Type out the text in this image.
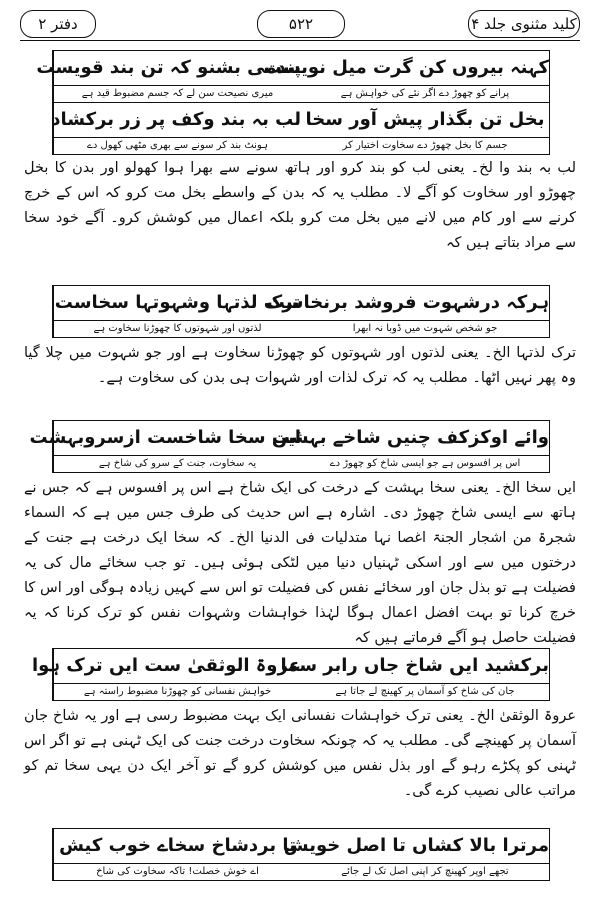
کلید مثنوی جلد ۴
۵۲۲
دفتر ۲
پندمی بشنو کہ تن بند قویست
میری نصیحت سن لے کہ جسم مضبوط قید ہے
کہنہ بیروں کن گرت میل نویست
پرانے کو چھوڑ دے اگر نئے کی خواہش ہے
لب بہ بند وکف پر زر برکشاد
ہونٹ بند کر سونے سے بھری مٹھی کھول دے
بخل تن بگذار پیش آور سخا
جسم کا بخل چھوڑ دے سخاوت اختیار کر

لب بہ بند وا لخ۔ یعنی لب کو بند کرو اور ہاتھ سونے سے بھرا ہوا کھولو اور بدن کا بخل چھوڑو اور سخاوت کو آگے لا۔ مطلب یہ کہ بدن کے واسطے بخل مت کرو کہ اس کے خرچ کرنے سے اور کام میں لانے میں بخل مت کرو بلکہ اعمال میں کوشش کرو۔ آگے خود سخا سے مراد بتاتے ہیں کہ

ترک لذتہا وشہوتہا سخاست
لذتوں اور شہوتوں کا چھوڑنا سخاوت ہے
ہرکہ درشہوت فروشد برنخاست
جو شخص شہوت میں ڈوبا نہ ابھرا

ترک لذتہا الخ۔ یعنی لذتوں اور شہوتوں کو چھوڑنا سخاوت ہے اور جو شہوت میں چلا گیا وہ پھر نہیں اٹھا۔ مطلب یہ کہ ترک لذات اور شہوات ہی بدن کی سخاوت ہے۔

ایں سخا شاخست ازسروبہشت
یہ سخاوت، جنت کے سرو کی شاخ ہے
وائے اوکزکف چنیں شاخے بہشت
اس پر افسوس ہے جو ایسی شاخ کو چھوڑ دے

ایں سخا الخ۔ یعنی سخا بہشت کے درخت کی ایک شاخ ہے اس پر افسوس ہے کہ جس نے ہاتھ سے ایسی شاخ چھوڑ دی۔ اشارہ ہے اس حدیث کی طرف جس میں ہے کہ السماء شجرۃ من اشجار الجنۃ اغصا نہا متدلیات فی الدنیا الخ۔ کہ سخا ایک درخت ہے جنت کے درختوں میں سے اور اسکی ٹہنیاں دنیا میں لٹکی ہوئی ہیں۔ تو جب سخائے مال کی یہ فضیلت ہے تو بذل جان اور سخائے نفس کی فضیلت تو اس سے کہیں زیادہ ہوگی اور اس کا خرچ کرنا تو بہت افضل اعمال ہوگا لہٰذا خواہشات وشہوات نفس کو ترک کرنا کہ یہ فضیلت حاصل ہو آگے فرماتے ہیں کہ

عروۃ الوثقیٰ ست ایں ترک ہوا
خواہش نفسانی کو چھوڑنا مضبوط راستہ ہے
برکشید ایں شاخ جاں رابر سما
جان کی شاخ کو آسمان پر کھینچ لے جاتا ہے

عروۃ الوثقیٰ الخ۔ یعنی ترک خواہشات نفسانی ایک بہت مضبوط رسی ہے اور یہ شاخ جان آسمان پر کھینچے گی۔ مطلب یہ کہ چونکہ سخاوت درخت جنت کی ایک ٹہنی ہے تو اگر اس ٹہنی کو پکڑے رہو گے اور بذل نفس میں کوشش کرو گے تو آخر ایک دن یہی سخا تم کو مراتب عالی نصیب کرے گی۔

تا بردشاخ سخاے خوب کیش
اے خوش خصلت! تاکہ سخاوت کی شاخ
مرترا بالا کشاں تا اصل خویش
تجھے اوپر کھینچ کر اپنی اصل تک لے جائے
